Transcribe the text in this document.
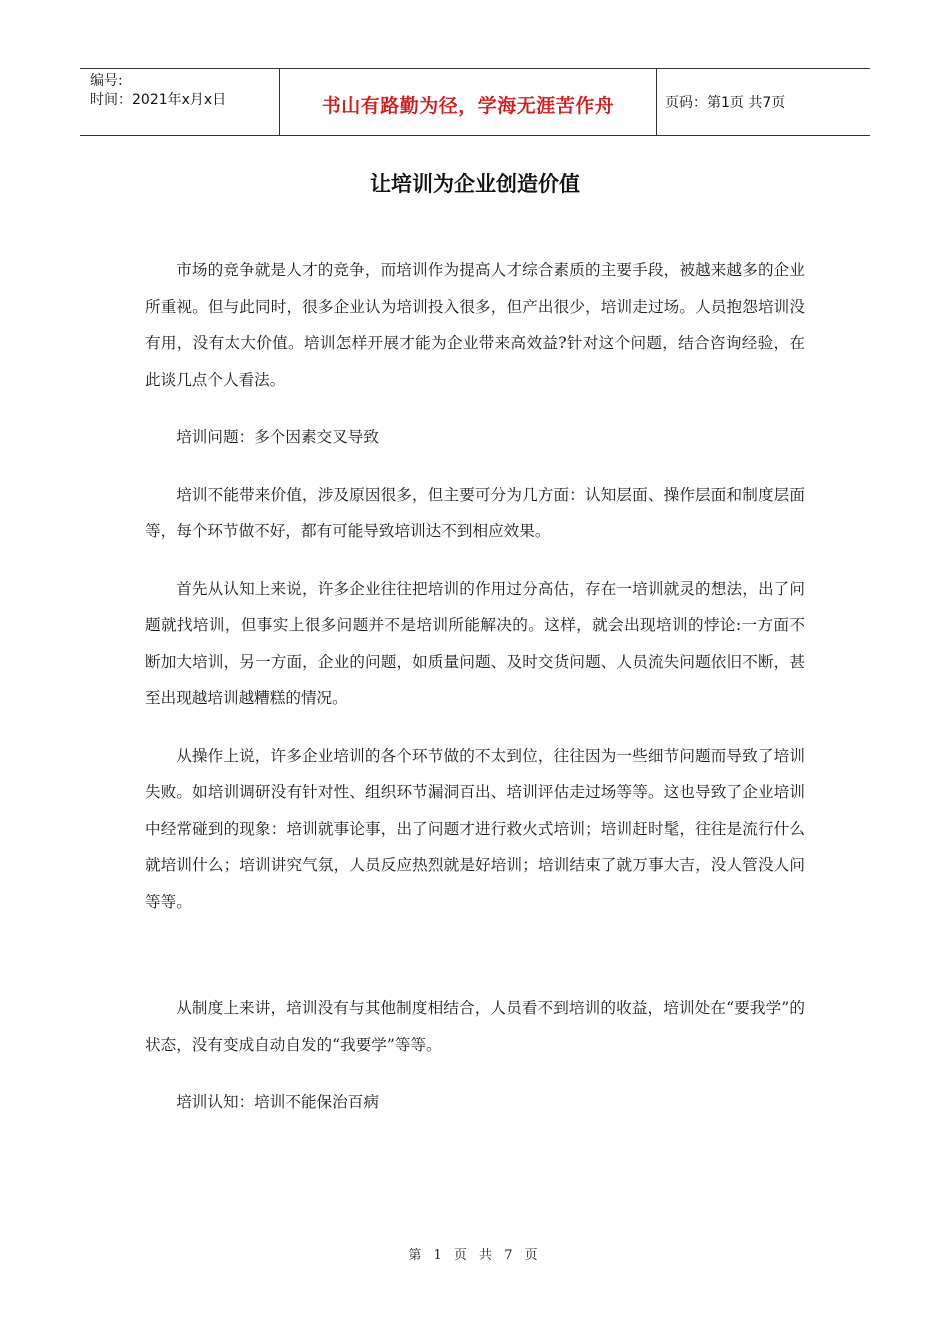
编号:
时间：2021年x月x日	书山有路勤为径，学海无涯苦作舟	页码：第1页 共7页
让培训为企业创造价值

市场的竞争就是人才的竞争，而培训作为提高人才综合素质的主要手段，被越来越多的企业所重视。但与此同时，很多企业认为培训投入很多，但产出很少，培训走过场。人员抱怨培训没有用，没有太大价值。培训怎样开展才能为企业带来高效益?针对这个问题，结合咨询经验，在此谈几点个人看法。

培训问题：多个因素交叉导致

培训不能带来价值，涉及原因很多，但主要可分为几方面：认知层面、操作层面和制度层面等，每个环节做不好，都有可能导致培训达不到相应效果。

首先从认知上来说，许多企业往往把培训的作用过分高估，存在一培训就灵的想法，出了问题就找培训，但事实上很多问题并不是培训所能解决的。这样，就会出现培训的悖论:一方面不断加大培训，另一方面，企业的问题，如质量问题、及时交货问题、人员流失问题依旧不断，甚至出现越培训越糟糕的情况。

从操作上说，许多企业培训的各个环节做的不太到位，往往因为一些细节问题而导致了培训失败。如培训调研没有针对性、组织环节漏洞百出、培训评估走过场等等。这也导致了企业培训中经常碰到的现象：培训就事论事，出了问题才进行救火式培训；培训赶时髦，往往是流行什么就培训什么；培训讲究气氛，人员反应热烈就是好培训；培训结束了就万事大吉，没人管没人问等等。

从制度上来讲，培训没有与其他制度相结合，人员看不到培训的收益，培训处在“要我学”的状态，没有变成自动自发的“我要学”等等。

培训认知：培训不能保治百病

第 1 页 共 7 页
